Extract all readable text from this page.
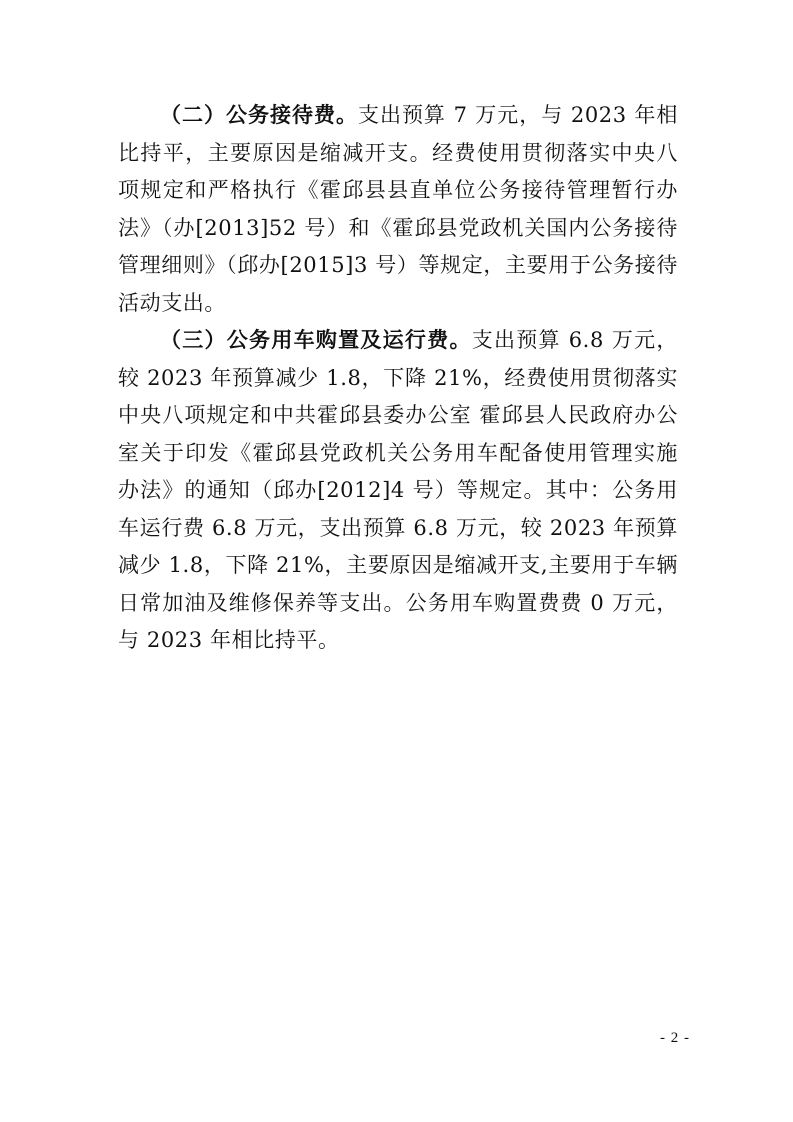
（二）公务接待费。支出预算 7 万元，与 2023 年相比持平，主要原因是缩减开支。经费使用贯彻落实中央八项规定和严格执行《霍邱县县直单位公务接待管理暂行办法》（办[2013]52 号）和《霍邱县党政机关国内公务接待管理细则》（邱办[2015]3 号）等规定，主要用于公务接待活动支出。

（三）公务用车购置及运行费。支出预算 6.8 万元，较 2023 年预算减少 1.8，下降 21%，经费使用贯彻落实中央八项规定和中共霍邱县委办公室 霍邱县人民政府办公室关于印发《霍邱县党政机关公务用车配备使用管理实施办法》的通知（邱办[2012]4 号）等规定。其中：公务用车运行费 6.8 万元，支出预算 6.8 万元，较 2023 年预算减少 1.8，下降 21%，主要原因是缩减开支,主要用于车辆日常加油及维修保养等支出。公务用车购置费费 0 万元，与 2023 年相比持平。

- 2 -
